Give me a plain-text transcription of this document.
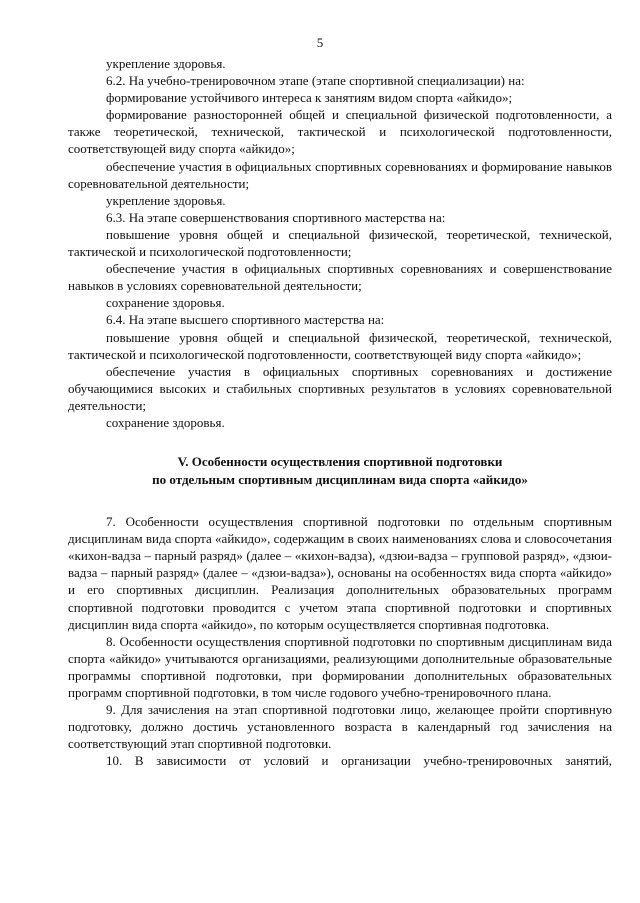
5

укрепление здоровья.

6.2. На учебно-тренировочном этапе (этапе спортивной специализации) на:

формирование устойчивого интереса к занятиям видом спорта «айкидо»;

формирование разносторонней общей и специальной физической подготовленности, а также теоретической, технической, тактической и психологической подготовленности, соответствующей виду спорта «айкидо»;

обеспечение участия в официальных спортивных соревнованиях и формирование навыков соревновательной деятельности;

укрепление здоровья.

6.3. На этапе совершенствования спортивного мастерства на:

повышение уровня общей и специальной физической, теоретической, технической, тактической и психологической подготовленности;

обеспечение участия в официальных спортивных соревнованиях и совершенствование навыков в условиях соревновательной деятельности;

сохранение здоровья.

6.4. На этапе высшего спортивного мастерства на:

повышение уровня общей и специальной физической, теоретической, технической, тактической и психологической подготовленности, соответствующей виду спорта «айкидо»;

обеспечение участия в официальных спортивных соревнованиях и достижение обучающимися высоких и стабильных спортивных результатов в условиях соревновательной деятельности;

сохранение здоровья.

V. Особенности осуществления спортивной подготовки
по отдельным спортивным дисциплинам вида спорта «айкидо»

7. Особенности осуществления спортивной подготовки по отдельным спортивным дисциплинам вида спорта «айкидо», содержащим в своих наименованиях слова и словосочетания «кихон-вадза – парный разряд» (далее – «кихон-вадза), «дзюи-вадза – групповой разряд», «дзюи-вадза – парный разряд» (далее – «дзюи-вадза»), основаны на особенностях вида спорта «айкидо» и его спортивных дисциплин. Реализация дополнительных образовательных программ спортивной подготовки проводится с учетом этапа спортивной подготовки и спортивных дисциплин вида спорта «айкидо», по которым осуществляется спортивная подготовка.

8. Особенности осуществления спортивной подготовки по спортивным дисциплинам вида спорта «айкидо» учитываются организациями, реализующими дополнительные образовательные программы спортивной подготовки, при формировании дополнительных образовательных программ спортивной подготовки, в том числе годового учебно-тренировочного плана.

9. Для зачисления на этап спортивной подготовки лицо, желающее пройти спортивную подготовку, должно достичь установленного возраста в календарный год зачисления на соответствующий этап спортивной подготовки.

10. В зависимости от условий и организации учебно-тренировочных занятий,
